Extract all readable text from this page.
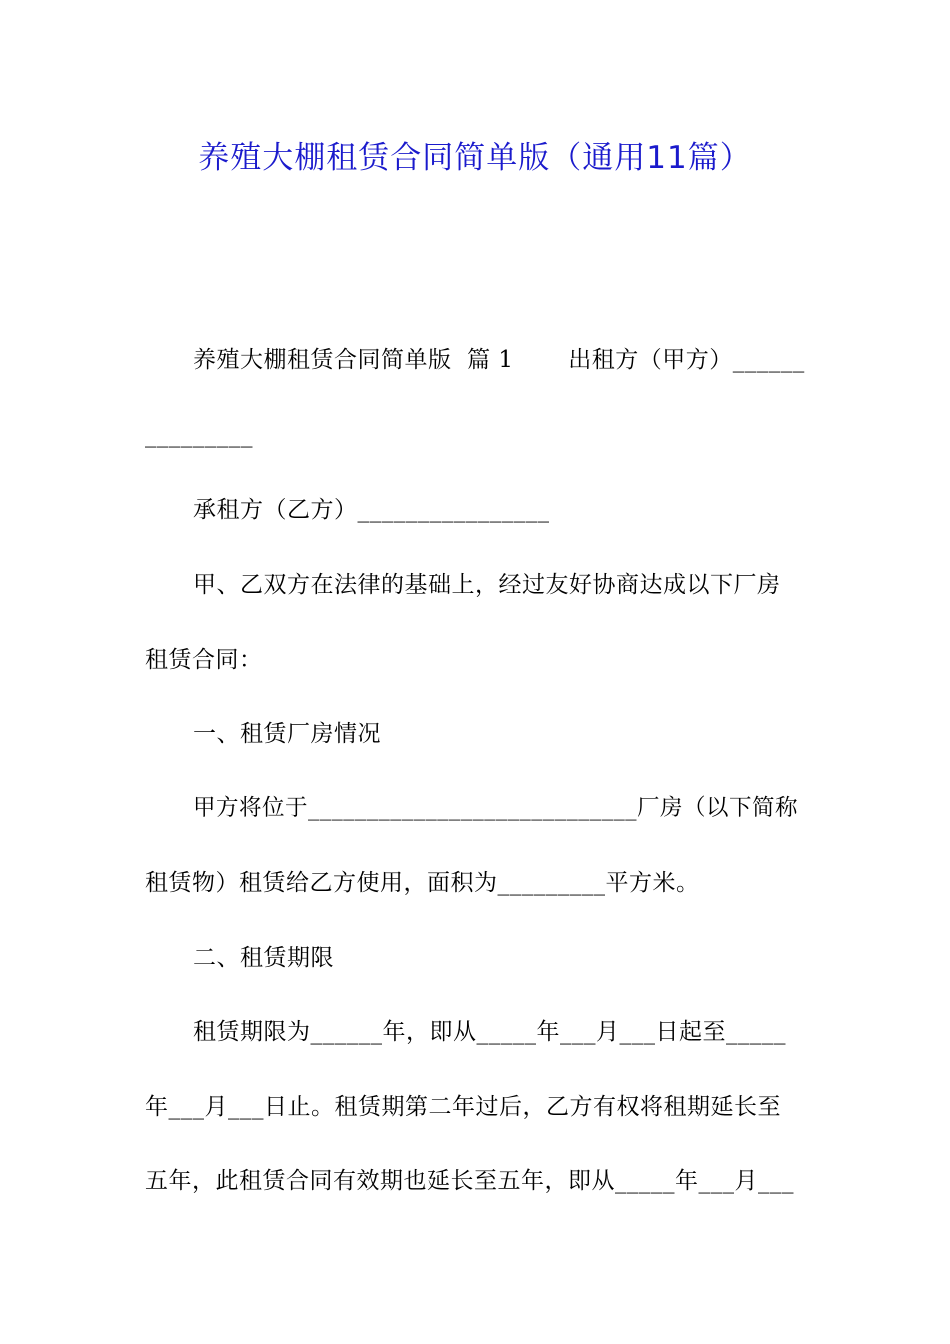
养殖大棚租赁合同简单版（通用11篇）
养殖大棚租赁合同简单版  篇 1       出租方（甲方）______
_________
承租方（乙方）________________
甲、乙双方在法律的基础上，经过友好协商达成以下厂房
租赁合同：
一、租赁厂房情况
甲方将位于____________________________厂房（以下简称
租赁物）租赁给乙方使用，面积为_________平方米。
二、租赁期限
租赁期限为______年，即从_____年___月___日起至_____
年___月___日止。租赁期第二年过后，乙方有权将租期延长至
五年，此租赁合同有效期也延长至五年，即从_____年___月___
